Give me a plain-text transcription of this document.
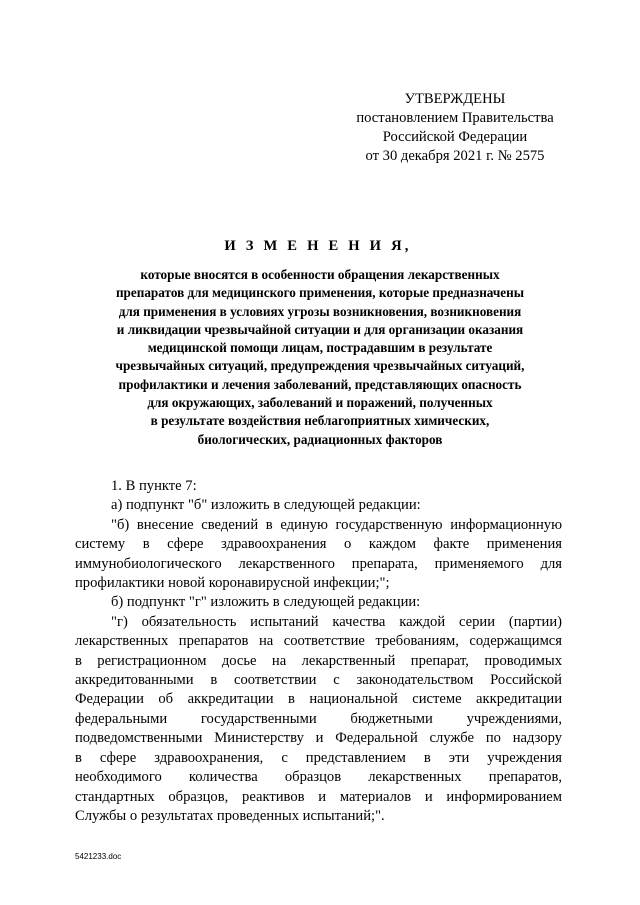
УТВЕРЖДЕНЫ
постановлением Правительства
Российской Федерации
от 30 декабря 2021 г. № 2575
И З М Е Н Е Н И Я,
которые вносятся в особенности обращения лекарственных
препаратов для медицинского применения, которые предназначены
для применения в условиях угрозы возникновения, возникновения
и ликвидации чрезвычайной ситуации и для организации оказания
медицинской помощи лицам, пострадавшим в результате
чрезвычайных ситуаций, предупреждения чрезвычайных ситуаций,
профилактики и лечения заболеваний, представляющих опасность
для окружающих, заболеваний и поражений, полученных
в результате воздействия неблагоприятных химических,
биологических, радиационных факторов

1. В пункте 7:

а) подпункт "б" изложить в следующей редакции:

"б) внесение сведений в единую государственную информационную
систему в сфере здравоохранения о каждом факте применения
иммунобиологического лекарственного препарата, применяемого для
профилактики новой коронавирусной инфекции;";

б) подпункт "г" изложить в следующей редакции:

"г) обязательность испытаний качества каждой серии (партии)
лекарственных препаратов на соответствие требованиям, содержащимся
в регистрационном досье на лекарственный препарат, проводимых
аккредитованными в соответствии с законодательством Российской
Федерации об аккредитации в национальной системе аккредитации
федеральными государственными бюджетными учреждениями,
подведомственными Министерству и Федеральной службе по надзору
в сфере здравоохранения, с представлением в эти учреждения
необходимого количества образцов лекарственных препаратов,
стандартных образцов, реактивов и материалов и информированием
Службы о результатах проведенных испытаний;".
5421233.doc
